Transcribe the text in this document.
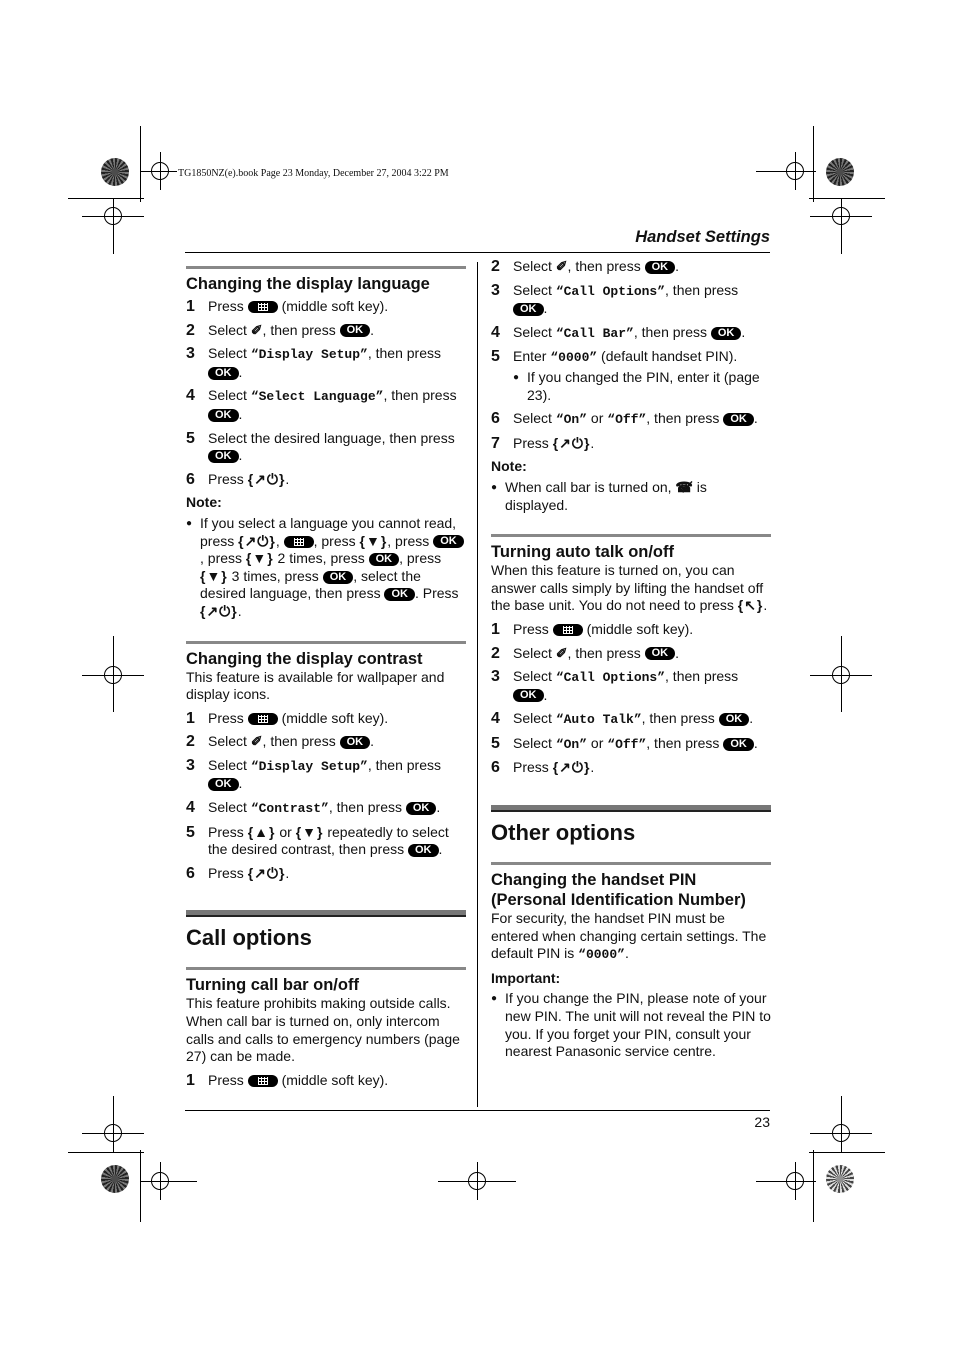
TG1850NZ(e).book Page 23 Monday, December 27, 2004 3:22 PM
Handset Settings
23
Changing the display language
1 Press  (middle soft key).
2 Select ✐, then press OK .
3 Select “Display Setup”, then press OK .
4 Select “Select Language”, then press OK .
5 Select the desired language, then press OK .
6 Press {↗⏻}.
Note:
● If you select a language you cannot read, press {↗⏻}, , press {▼}, press OK, press {▼} 2 times, press OK , press {▼} 3 times, press OK , select the desired language, then press OK . Press {↗⏻}.
Changing the display contrast

This feature is available for wallpaper and display icons.

1 Press  (middle soft key).
2 Select ✐, then press OK .
3 Select “Display Setup”, then press OK .
4 Select “Contrast”, then press OK .
5 Press {▲} or {▼} repeatedly to select the desired contrast, then press OK .
6 Press {↗⏻}.
Call options
Turning call bar on/off

This feature prohibits making outside calls. When call bar is turned on, only intercom calls and calls to emergency numbers (page 27) can be made.

1 Press  (middle soft key).
2 Select ✐, then press OK .
3 Select “Call Options”, then press OK .
4 Select “Call Bar”, then press OK .
5 Enter “0000” (default handset PIN).
● If you changed the PIN, enter it (page 23).
6 Select “On” or “Off”, then press OK .
7 Press {↗⏻}.
Note:
● When call bar is turned on, ☎̸ is displayed.
Turning auto talk on/off

When this feature is turned on, you can answer calls simply by lifting the handset off the base unit. You do not need to press {↖}.

1 Press  (middle soft key).
2 Select ✐, then press OK .
3 Select “Call Options”, then press OK .
4 Select “Auto Talk”, then press OK .
5 Select “On” or “Off”, then press OK .
6 Press {↗⏻}.
Other options
Changing the handset PIN (Personal Identification Number)

For security, the handset PIN must be entered when changing certain settings. The default PIN is “0000”.

Important:
● If you change the PIN, please note of your new PIN. The unit will not reveal the PIN to you. If you forget your PIN, consult your nearest Panasonic service centre.
